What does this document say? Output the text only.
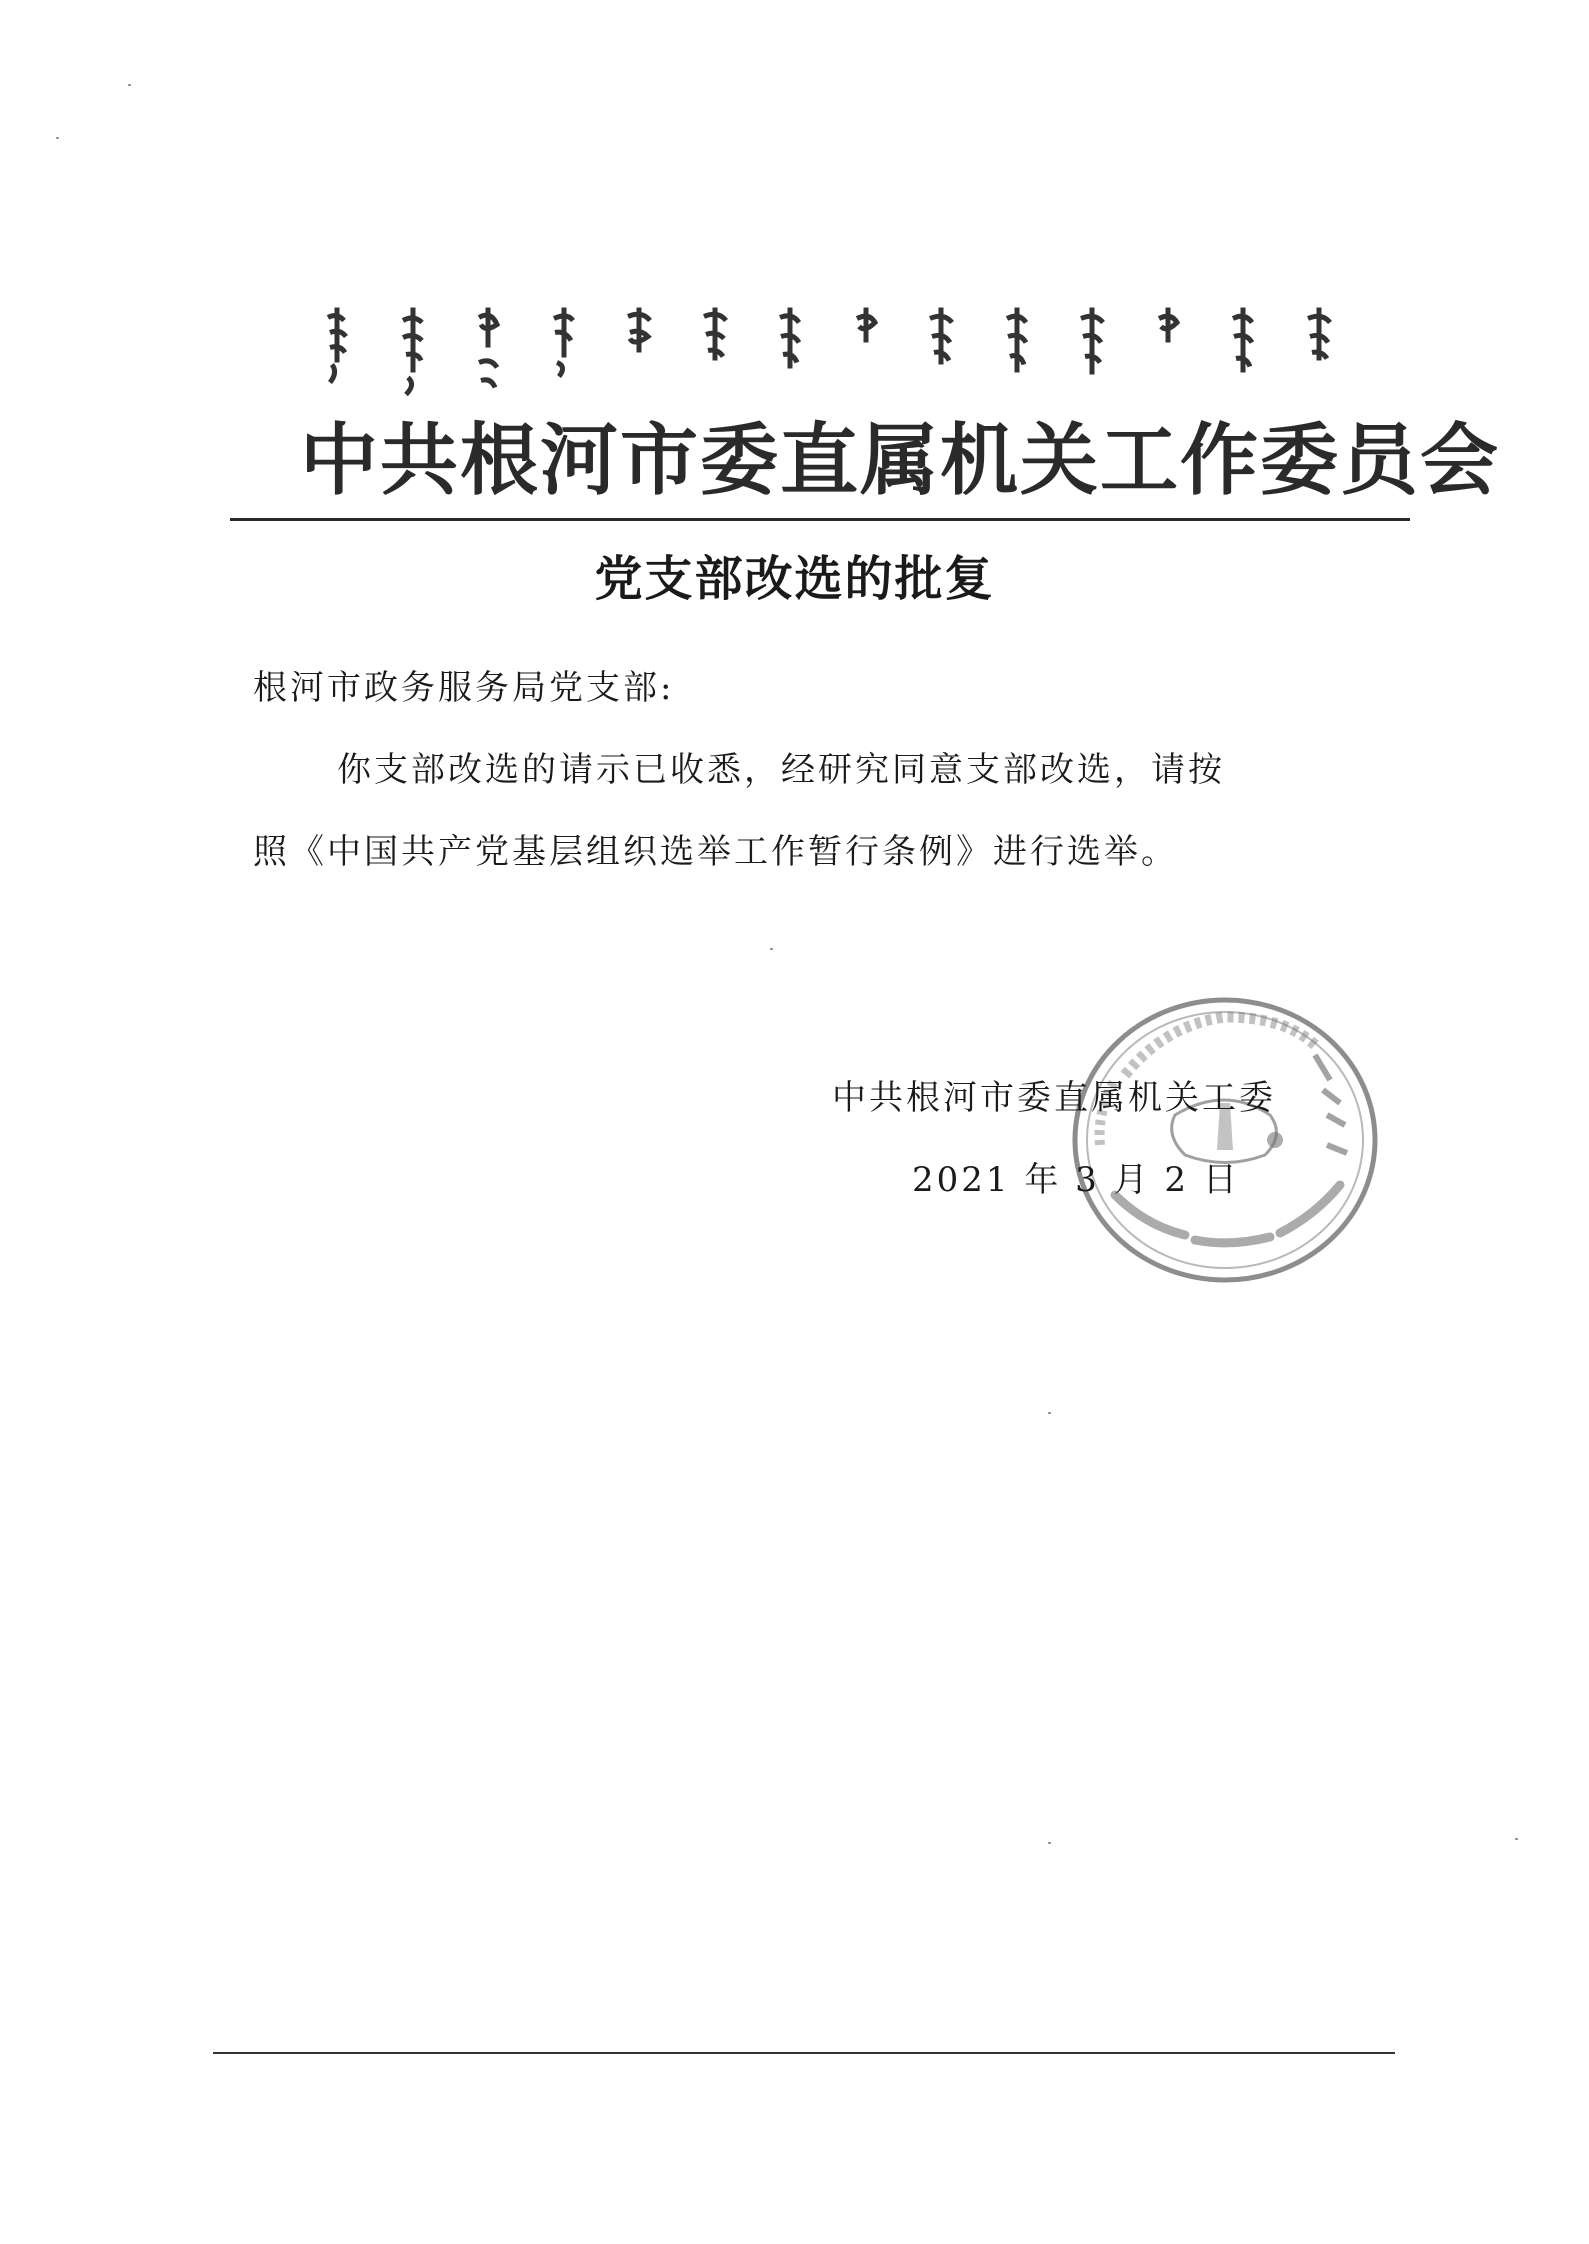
中共根河市委直属机关工作委员会
党支部改选的批复
根河市政务服务局党支部:
你支部改选的请示已收悉，经研究同意支部改选，请按
照《中国共产党基层组织选举工作暂行条例》进行选举。
中共根河市委直属机关工委
2021 年 3 月 2 日
